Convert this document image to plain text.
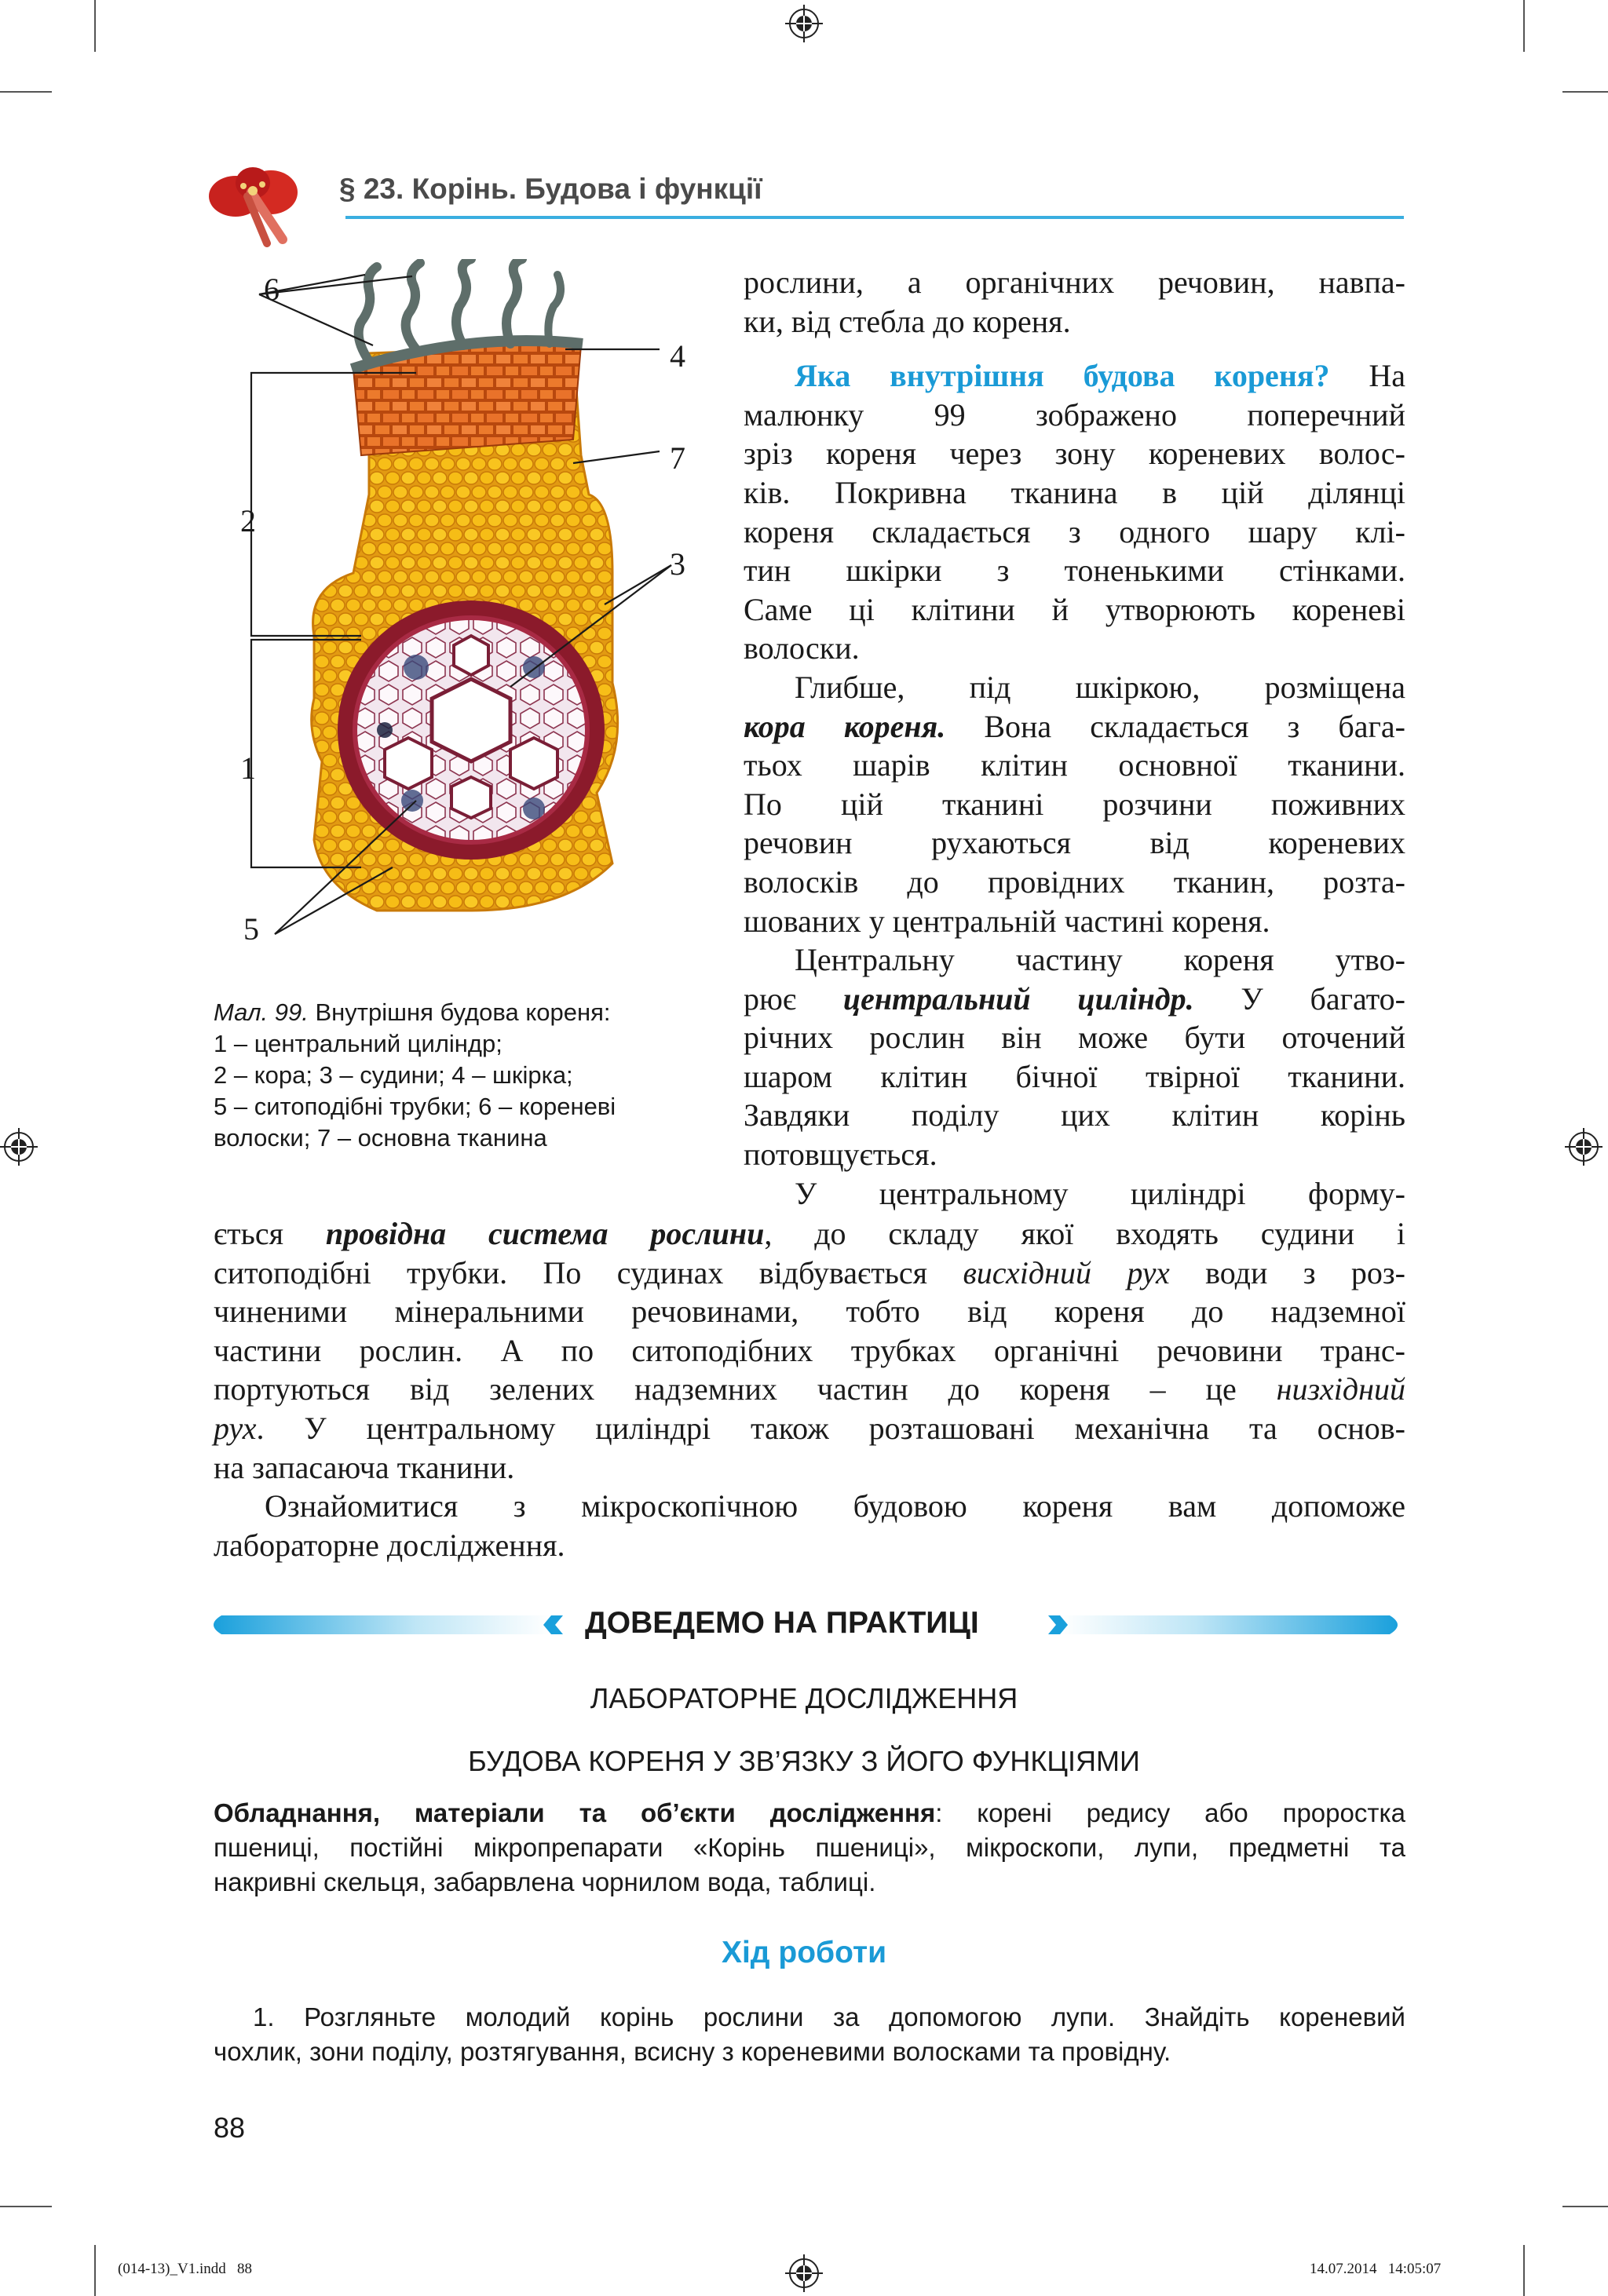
§ 23. Корінь. Будова і функції
6
4
7
2
3
1
5
Мал. 99. Внутрішня будова кореня:
1 – центральний циліндр;
2 – кора; 3 – судини; 4 – шкірка;
5 – ситоподібні трубки; 6 – кореневі
волоски; 7 – основна тканина
рослини, а органічних речовин, навпа-
ки, від стебла до кореня.
Яка внутрішня будова кореня? На
малюнку 99 зображено поперечний
зріз кореня через зону кореневих волос-
ків. Покривна тканина в цій ділянці
кореня складається з одного шару клі-
тин шкірки з тоненькими стінками.
Саме ці клітини й утворюють кореневі
волоски.
Глибше, під шкіркою, розміщена
кора кореня. Вона складається з бага-
тьох шарів клітин основної тканини.
По цій тканині розчини поживних
речовин рухаються від кореневих
волосків до провідних тканин, розта-
шованих у центральній частині кореня.
Центральну частину кореня утво-
рює центральний циліндр. У багато-
річних рослин він може бути оточений
шаром клітин бічної твірної тканини.
Завдяки поділу цих клітин корінь
потовщується.
У центральному циліндрі форму-
ється провідна система рослини, до складу якої входять судини і
ситоподібні трубки. По судинах відбувається висхідний рух води з роз-
чиненими мінеральними речовинами, тобто від кореня до надземної
частини рослин. А по ситоподібних трубках органічні речовини транс-
портуються від зелених надземних частин до кореня – це низхідний
рух. У центральному циліндрі також розташовані механічна та основ-
на запасаюча тканини.
Ознайомитися з мікроскопічною будовою кореня вам допоможе
лабораторне дослідження.
ДОВЕДЕМО НА ПРАКТИЦІ
ЛАБОРАТОРНЕ ДОСЛІДЖЕННЯ
БУДОВА КОРЕНЯ У ЗВ’ЯЗКУ З ЙОГО ФУНКЦІЯМИ
Обладнання, матеріали та об’єкти дослідження: корені редису або проростка
пшениці, постійні мікропрепарати «Корінь пшениці», мікроскопи, лупи, предметні та
накривні скельця, забарвлена чорнилом вода, таблиці.
Хід роботи
1. Розгляньте молодий корінь рослини за допомогою лупи. Знайдіть кореневий
чохлик, зони поділу, розтягування, всисну з кореневими волосками та провідну.
88
(014-13)_V1.indd   88	14.07.2014   14:05:07
